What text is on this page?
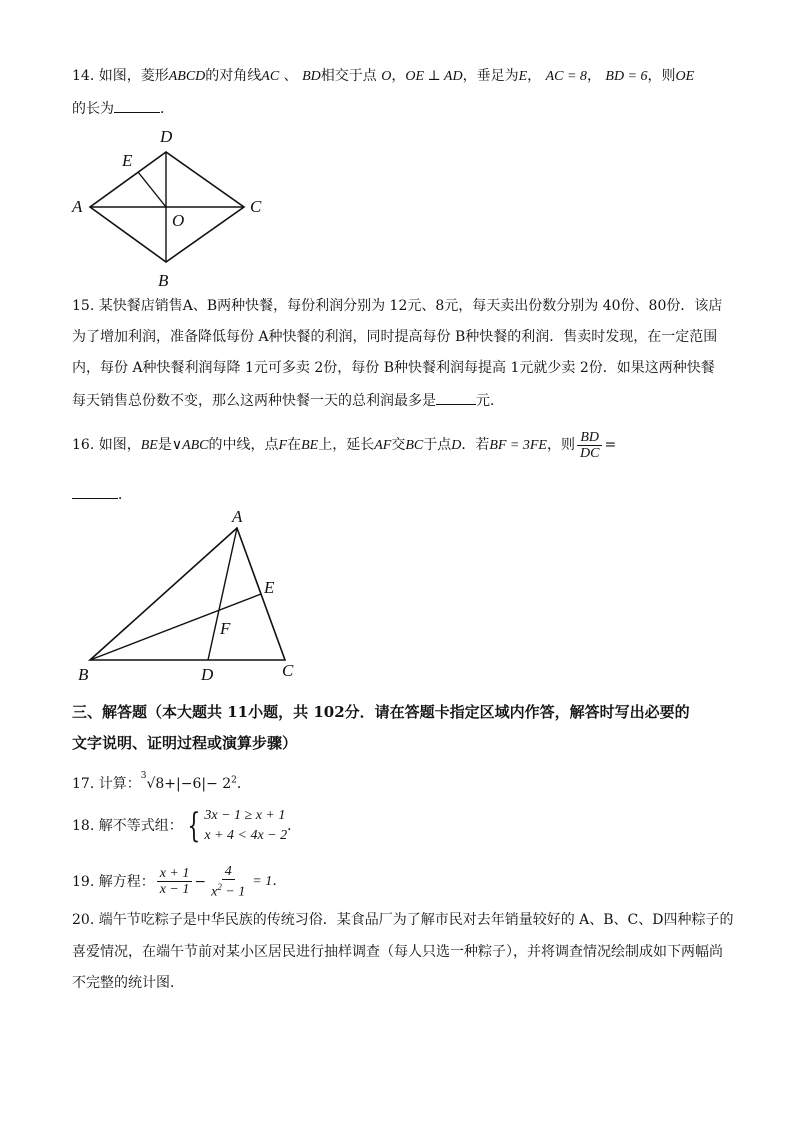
14. 如图，菱形ABCD的对角线AC 、 BD相交于点 O，OE ⊥ AD，垂足为E， AC = 8， BD = 6，则OE
的长为	．
D
E
A	C
O
B
15. 某快餐店销售A、B两种快餐，每份利润分别为 12元、8元，每天卖出份数分别为 40份、80份．该店
为了增加利润，准备降低每份 A种快餐的利润，同时提高每份 B种快餐的利润．售卖时发现，在一定范围
内，每份 A种快餐利润每降 1元可多卖 2份，每份 B种快餐利润每提高 1元就少卖 2份．如果这两种快餐
每天销售总份数不变，那么这两种快餐一天的总利润最多是	元．
16. 如图，BE是∨ABC的中线，点F在BE上，延长AF交BC于点D．若BF = 3FE，则 $\frac{BD}{DC}$ =
．
A
E
F
B	D	C
三、解答题（本大题共 11小题，共 102分．请在答题卡指定区域内作答，解答时写出必要的
文字说明、证明过程或演算步骤）
17. 计算：$^3√8+|-6|- 2^2$．
18. 解不等式组： { 3x − 1 ≥ x + 1
x + 4 < 4x − 2
．
19. 解方程： $\frac{x + 1}{x - 1} - \frac{4}{x^2 - 1} = 1$．
20. 端午节吃粽子是中华民族的传统习俗．某食品厂为了解市民对去年销量较好的 A、B、C、D四种粽子的
喜爱情况，在端午节前对某小区居民进行抽样调查（每人只选一种粽子），并将调查情况绘制成如下两幅尚
不完整的统计图．
